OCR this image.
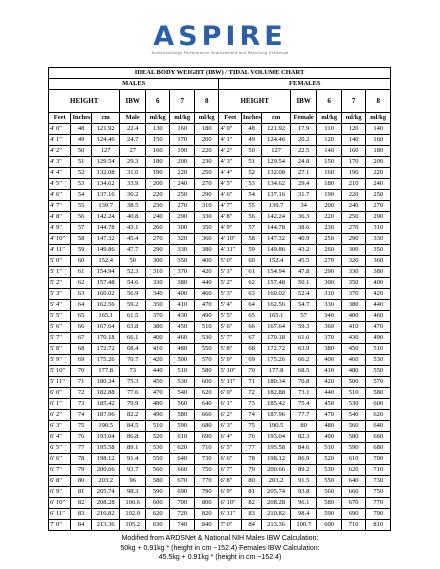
ASPIRE
Anesthesiology Performance Improvement and Reporting Exchange
IDEAL BODY WEIGHT (IBW) / TIDAL VOLUME CHART													
MALES							FEMALES						
HEIGHT			IBW	6	7	8	HEIGHT			IBW	6	7	8
Feet	Inches	cm	Male	ml/kg	ml/kg	ml/kg	Feet	Inches	cm	Female	ml/kg	ml/kg	ml/kg
4' 0"	48	121.92	22.4	130	160	180	4' 0"	48	121.92	17.9	110	120	140
4' 1"	49	124.46	24.7	150	170	200	4' 1"	49	124.46	20.2	120	140	160
4' 2"	50	127	27	160	190	220	4' 2"	50	127	22.5	140	160	180
4' 3"	51	129.54	29.3	180	200	230	4' 3"	51	129.54	24.8	150	170	200
4' 4"	52	132.08	31.6	190	220	250	4' 4"	52	132.08	27.1	160	190	220
4' 5"	53	134.62	33.9	200	240	270	4' 5"	53	134.62	29.4	180	210	240
4' 6"	54	137.16	36.2	220	250	290	4' 6"	54	137.16	31.7	190	220	250
4' 7"	55	139.7	38.5	230	270	310	4' 7"	55	139.7	34	200	240	270
4' 8"	56	142.24	40.8	240	290	330	4' 8"	56	142.24	36.3	220	250	290
4' 9"	57	144.78	43.1	260	300	350	4' 9"	57	144.78	38.6	230	270	310
4' 10"	58	147.32	45.4	270	320	360	4' 10"	58	147.32	40.9	250	290	330
4' 11"	59	149.86	47.7	290	330	380	4' 11"	59	149.86	43.2	260	300	350
5' 0"	60	152.4	50	300	350	400	5' 0"	60	152.4	45.5	270	320	360
5' 1"	61	154.94	52.3	310	370	420	5' 1"	61	154.94	47.8	290	330	380
5' 2"	62	157.48	54.6	330	380	440	5' 2"	62	157.48	50.1	300	350	400
5' 3"	63	160.02	56.9	340	400	460	5' 3"	63	160.02	52.4	310	370	420
5' 4"	64	162.56	59.2	350	410	470	5' 4"	64	162.56	54.7	330	380	440
5' 5"	65	165.1	61.5	370	430	490	5' 5"	65	165.1	57	340	400	460
5' 6"	66	167.64	63.8	380	450	510	5' 6"	66	167.64	59.3	360	410	470
5' 7"	67	170.18	66.1	400	460	530	5' 7"	67	170.18	61.6	370	430	490
5' 8"	68	172.72	68.4	410	480	550	5' 8"	68	172.72	63.9	380	450	510
5' 9"	69	175.26	70.7	420	500	570	5' 9"	69	175.26	66.2	400	460	530
5' 10"	70	177.8	73	440	510	580	5' 10"	70	177.8	68.5	410	480	550
5' 11"	71	180.34	75.3	450	530	600	5' 11"	71	180.34	70.8	420	500	570
6' 0"	72	182.88	77.6	470	540	620	6' 0"	72	182.88	73.1	440	510	580
6' 1"	73	185.42	79.9	480	560	640	6' 1"	73	185.42	75.4	450	530	600
6' 2"	74	187.96	82.2	490	580	660	6' 2"	74	187.96	77.7	470	540	620
6' 3"	75	190.5	84.5	510	590	680	6' 3"	75	190.5	80	480	560	640
6' 4"	76	193.04	86.8	520	610	690	6' 4"	76	193.04	82.3	490	580	660
6' 5"	77	195.58	89.1	530	620	710	6' 5"	77	195.58	84.6	510	590	680
6' 6"	78	198.12	91.4	550	640	730	6' 6"	78	198.12	86.9	520	610	700
6' 7"	79	200.66	93.7	560	660	750	6' 7"	79	200.66	89.2	530	620	710
6' 8"	80	203.2	96	580	670	770	6' 8"	80	203.2	91.5	550	640	730
6' 9"	81	205.74	98.3	590	690	790	6' 9"	81	205.74	93.8	560	660	750
6' 10"	82	208.28	100.6	600	700	800	6' 10"	82	208.28	96.1	580	670	770
6' 11"	83	210.82	102.9	620	720	820	6' 11"	83	210.82	98.4	590	690	790
7' 0"	84	213.36	105.2	630	740	840	7' 0"	84	213.36	100.7	600	710	810
Modified from ARDSNet & National NIH Males IBW Calculation:
50kg + 0.91kg * (height in cm −152.4) Females IBW Calculation:
45.5kg + 0.91kg * (height in cm −152.4)
